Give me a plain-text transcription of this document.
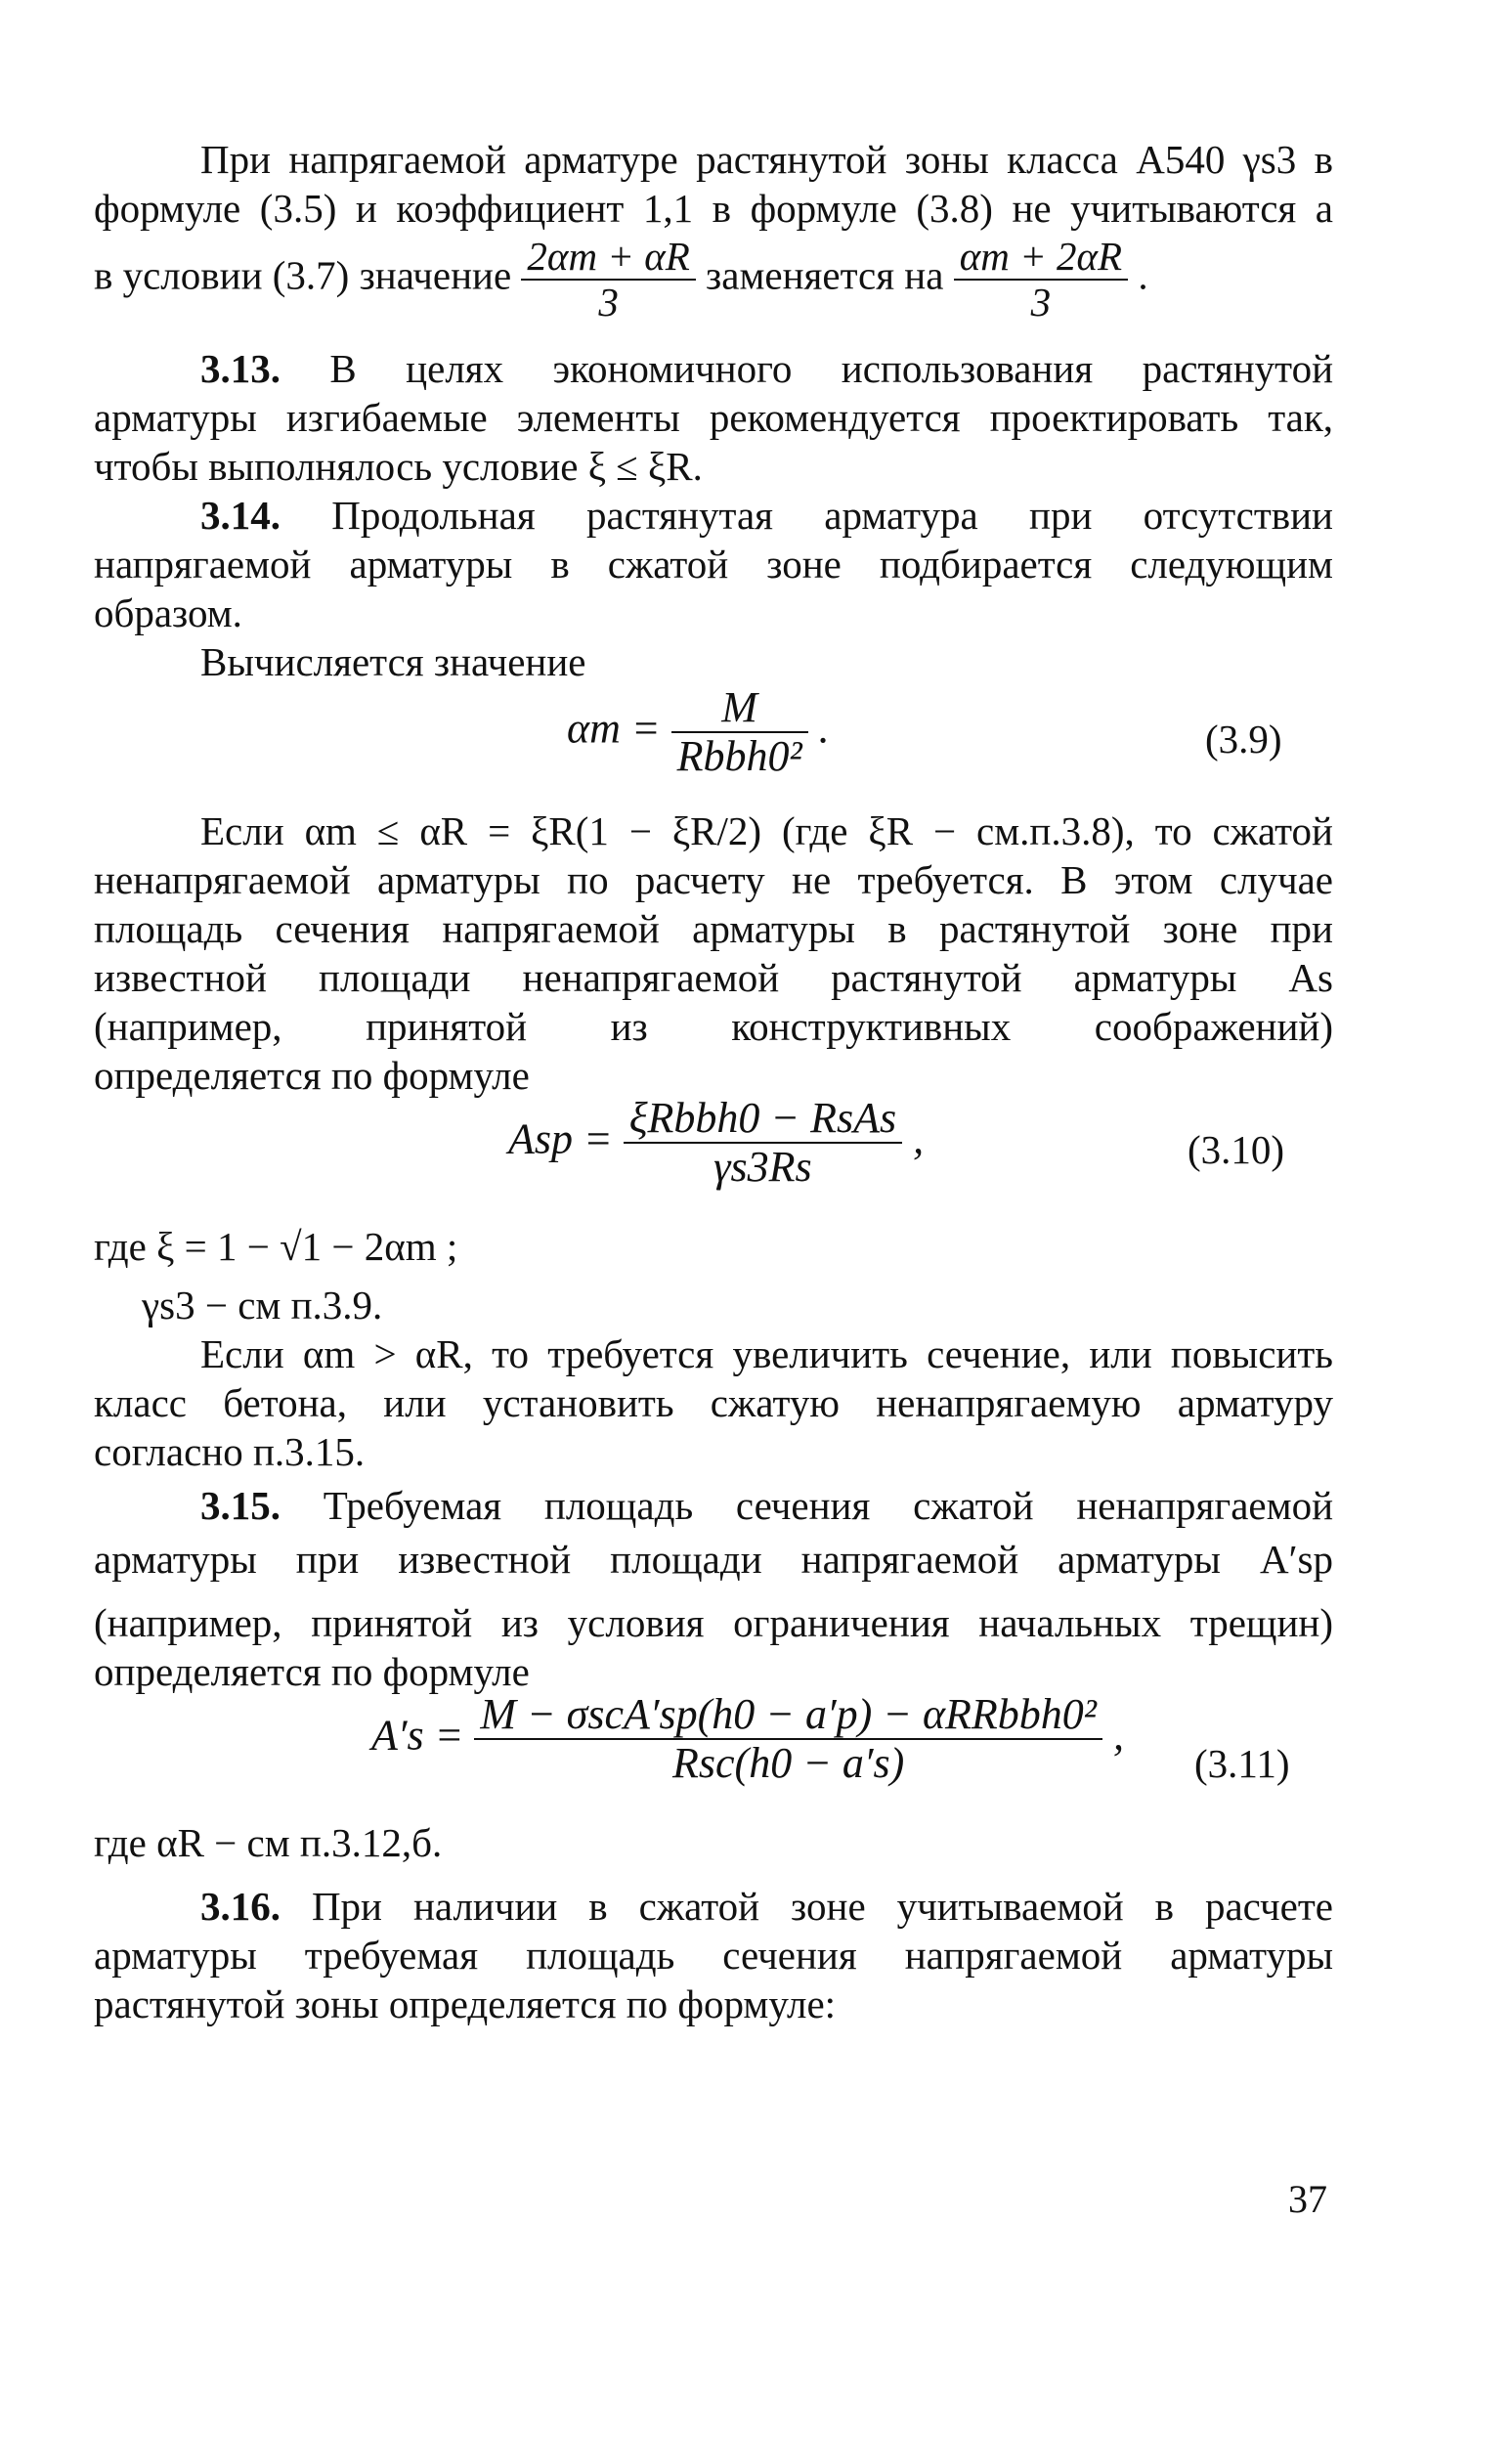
При напрягаемой арматуре растянутой зоны класса А540 γs3 в
формуле (3.5) и коэффициент 1,1 в формуле (3.8) не учитываются а
в условии (3.7) значение $\frac{2\alpha m + \alpha R}{3}$ заменяется на $\frac{\alpha m + 2\alpha R}{3}$ .
3.13. В целях экономичного использования растянутой
арматуры изгибаемые элементы рекомендуется проектировать так,
чтобы выполнялось условие ξ ≤ ξR.
3.14. Продольная растянутая арматура при отсутствии
напрягаемой арматуры в сжатой зоне подбирается следующим
образом.
Вычисляется значение
$\alpha m = \frac{M}{\text{Rbbh0²}}$ .	(3.9)
Если αm ≤ αR = ξR(1 − ξR/2) (где ξR − см.п.3.8), то сжатой
ненапрягаемой арматуры по расчету не требуется. В этом случае
площадь сечения напрягаемой арматуры в растянутой зоне при
известной площади ненапрягаемой растянутой арматуры As
(например, принятой из конструктивных соображений)
определяется по формуле
Asp = $\frac{\text{ξRbbh0 − RsAs}}{\gamma s3Rs}$ ,	(3.10)
где ξ = 1 − √1 − 2αm ;
γs3 − см п.3.9.
Если αm > αR, то требуется увеличить сечение, или повысить
класс бетона, или установить сжатую ненапрягаемую арматуру
согласно п.3.15.
3.15. Требуемая площадь сечения сжатой ненапрягаемой
арматуры при известной площади напрягаемой арматуры A′sp
(например, принятой из условия ограничения начальных трещин)
определяется по формуле
$A's = \frac{\text{M − σscA′sp(h0 − a′p) − αRRbbh0²}}{\text{Rsc(h0 − a′s)}}$ ,
(3.11)
где αR − см п.3.12,б.
3.16. При наличии в сжатой зоне учитываемой в расчете
арматуры требуемая площадь сечения напрягаемой арматуры
растянутой зоны определяется по формуле:
37
